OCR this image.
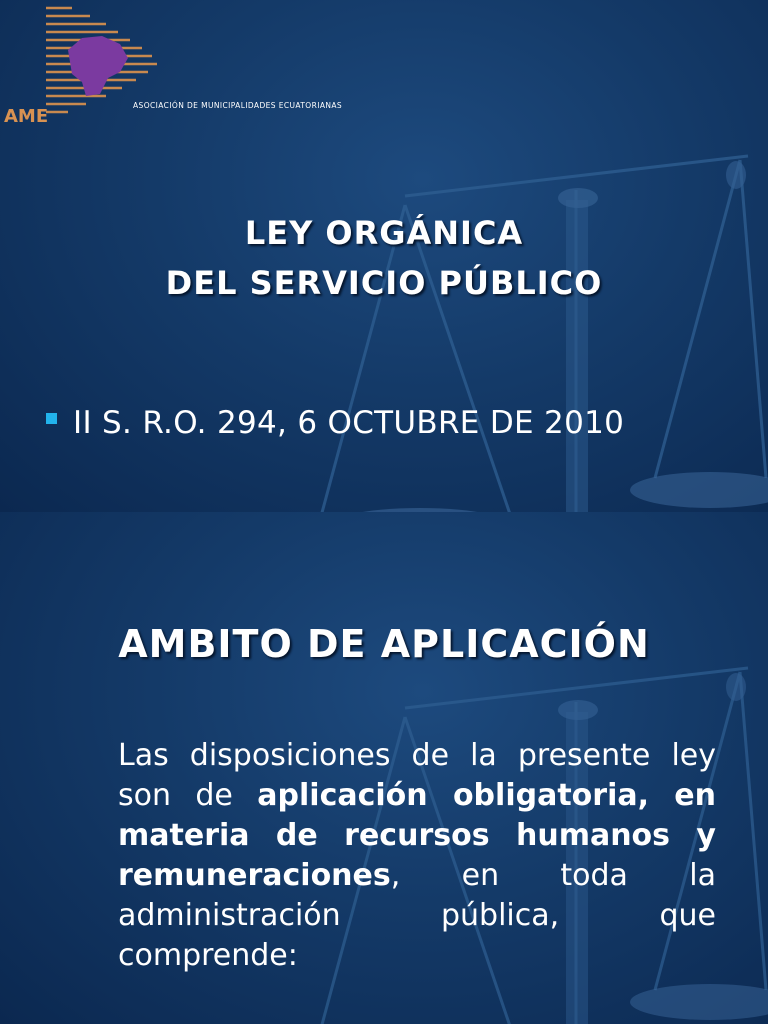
AME
ASOCIACIÓN DE MUNICIPALIDADES ECUATORIANAS
LEY ORGÁNICA
DEL SERVICIO PÚBLICO
II S. R.O. 294, 6 OCTUBRE DE 2010
AMBITO DE APLICACIÓN
Las disposiciones de la presente ley son de aplicación obligatoria, en materia de recursos humanos y remuneraciones, en toda la administración pública, que comprende:
